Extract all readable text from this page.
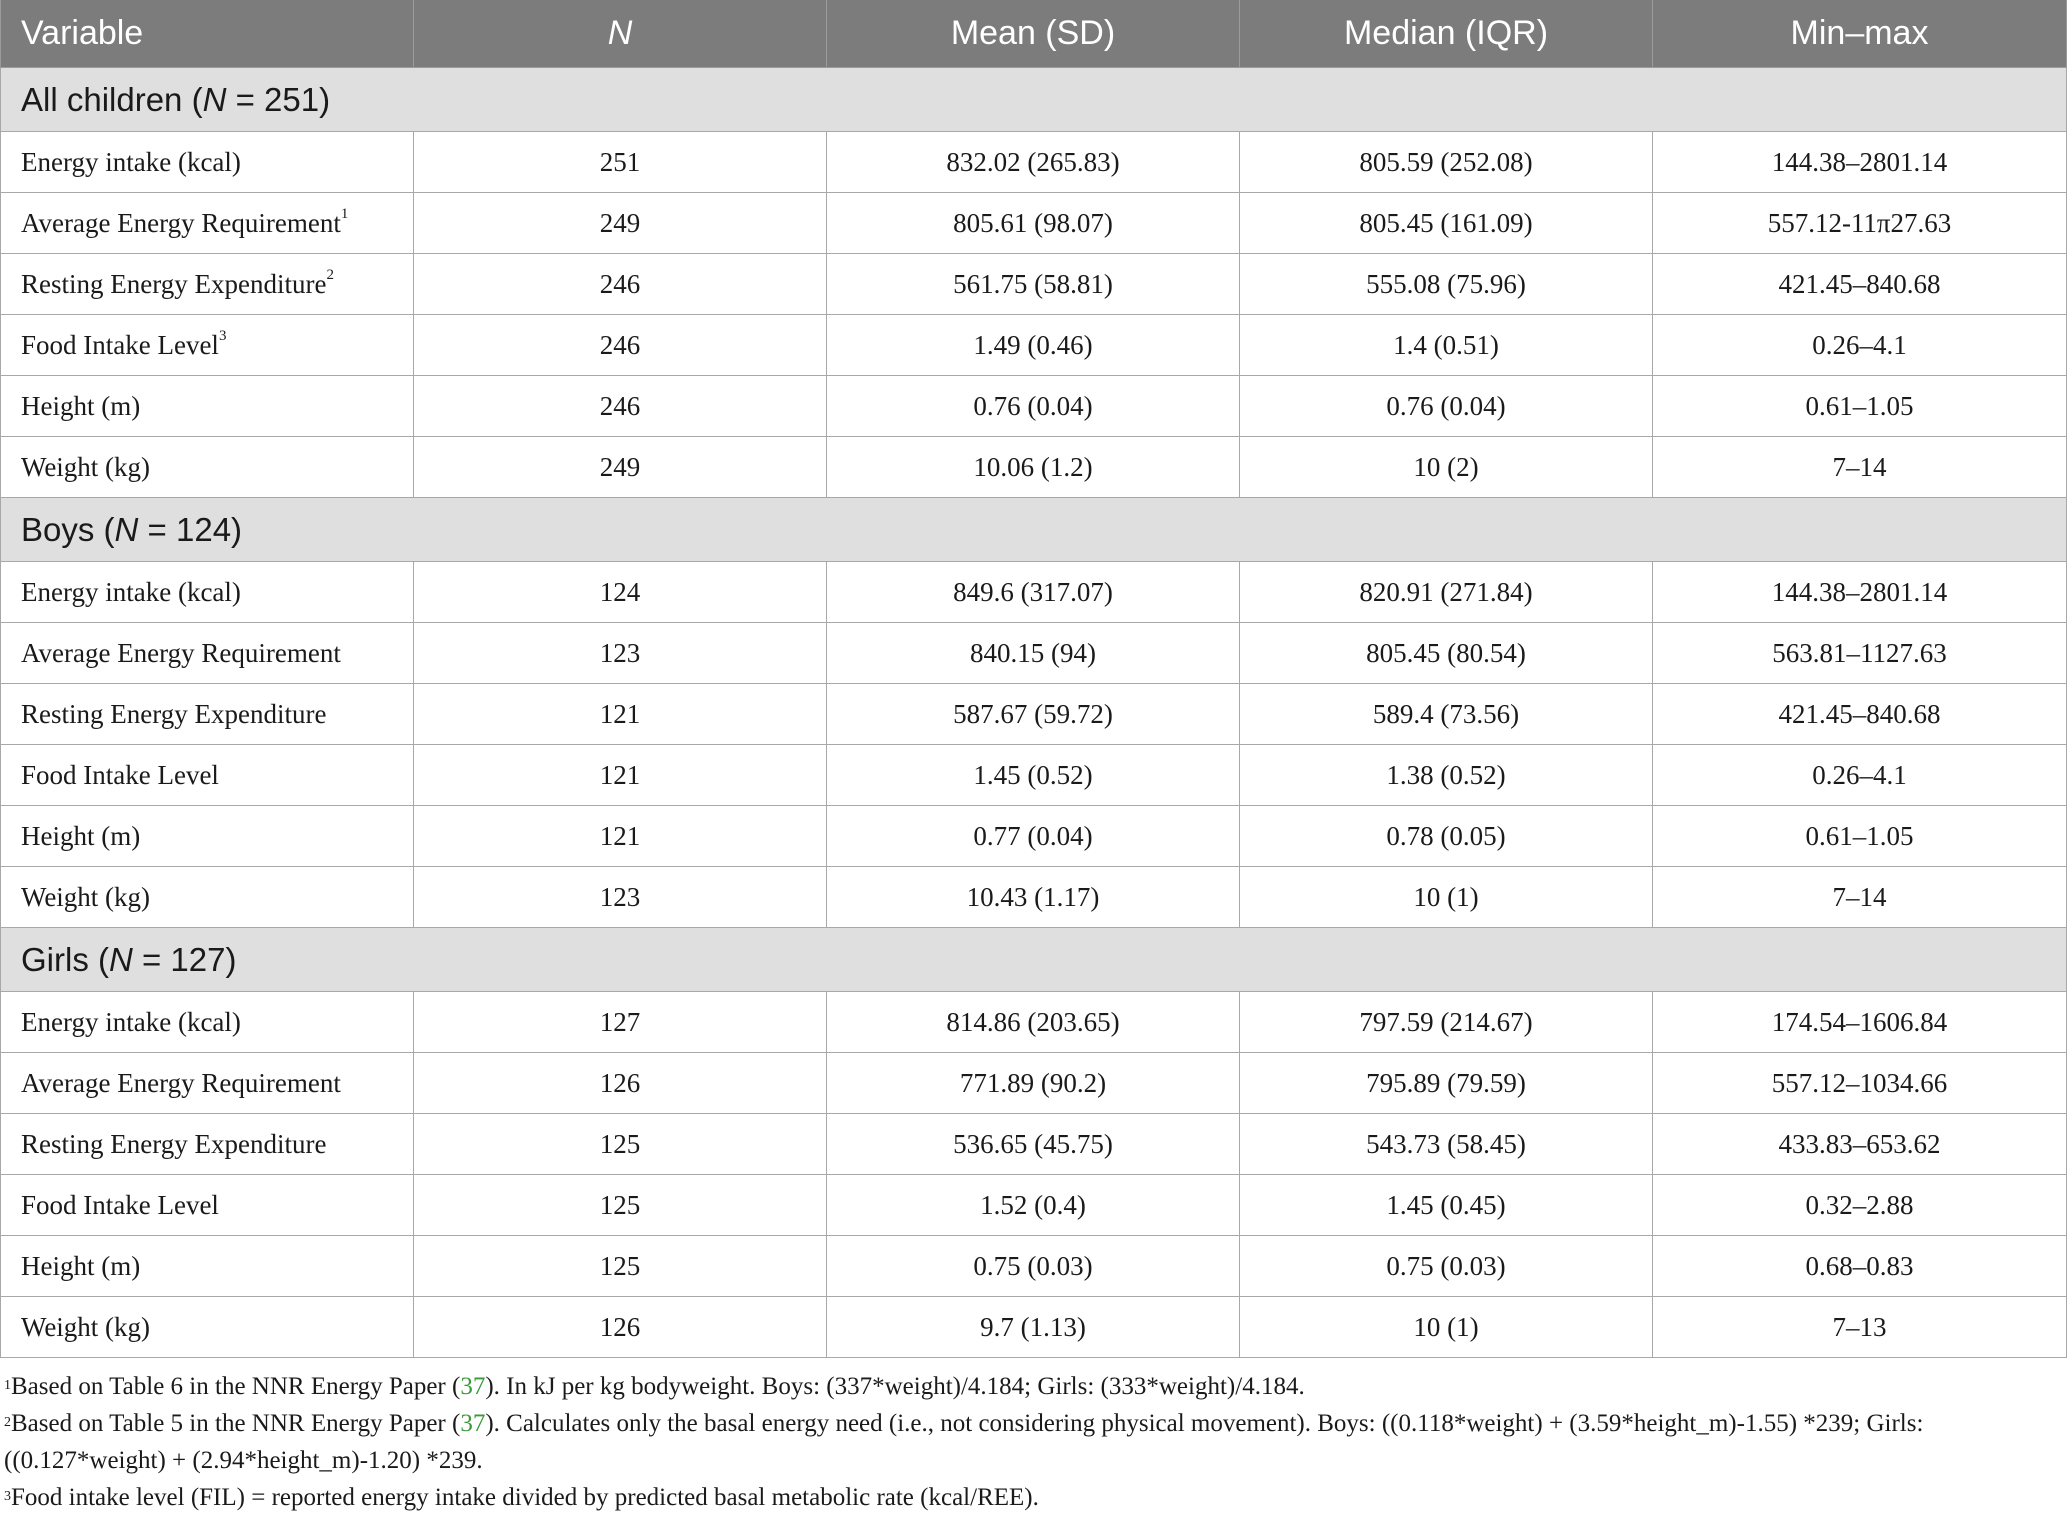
Variable	N	Mean (SD)	Median (IQR)	Min–max
All children (N = 251)				
Energy intake (kcal)	251	832.02 (265.83)	805.59 (252.08)	144.38–2801.14
Average Energy Requirement$^1$	249	805.61 (98.07)	805.45 (161.09)	557.12-11π27.63
Resting Energy Expenditure$^2$	246	561.75 (58.81)	555.08 (75.96)	421.45–840.68
Food Intake Level$^3$	246	1.49 (0.46)	1.4 (0.51)	0.26–4.1
Height (m)	246	0.76 (0.04)	0.76 (0.04)	0.61–1.05
Weight (kg)	249	10.06 (1.2)	10 (2)	7–14
Boys (N = 124)				
Energy intake (kcal)	124	849.6 (317.07)	820.91 (271.84)	144.38–2801.14
Average Energy Requirement	123	840.15 (94)	805.45 (80.54)	563.81–1127.63
Resting Energy Expenditure	121	587.67 (59.72)	589.4 (73.56)	421.45–840.68
Food Intake Level	121	1.45 (0.52)	1.38 (0.52)	0.26–4.1
Height (m)	121	0.77 (0.04)	0.78 (0.05)	0.61–1.05
Weight (kg)	123	10.43 (1.17)	10 (1)	7–14
Girls (N = 127)				
Energy intake (kcal)	127	814.86 (203.65)	797.59 (214.67)	174.54–1606.84
Average Energy Requirement	126	771.89 (90.2)	795.89 (79.59)	557.12–1034.66
Resting Energy Expenditure	125	536.65 (45.75)	543.73 (58.45)	433.83–653.62
Food Intake Level	125	1.52 (0.4)	1.45 (0.45)	0.32–2.88
Height (m)	125	0.75 (0.03)	0.75 (0.03)	0.68–0.83
Weight (kg)	126	9.7 (1.13)	10 (1)	7–13

$^1$Based on Table 6 in the NNR Energy Paper (37). In kJ per kg bodyweight. Boys: (337*weight)/4.184; Girls: (333*weight)/4.184.

$^2$Based on Table 5 in the NNR Energy Paper (37). Calculates only the basal energy need (i.e., not considering physical movement). Boys: ((0.118*weight) + (3.59*height_m)-1.55) *239; Girls: ((0.127*weight) + (2.94*height_m)-1.20) *239.

$^3$Food intake level (FIL) = reported energy intake divided by predicted basal metabolic rate (kcal/REE).
